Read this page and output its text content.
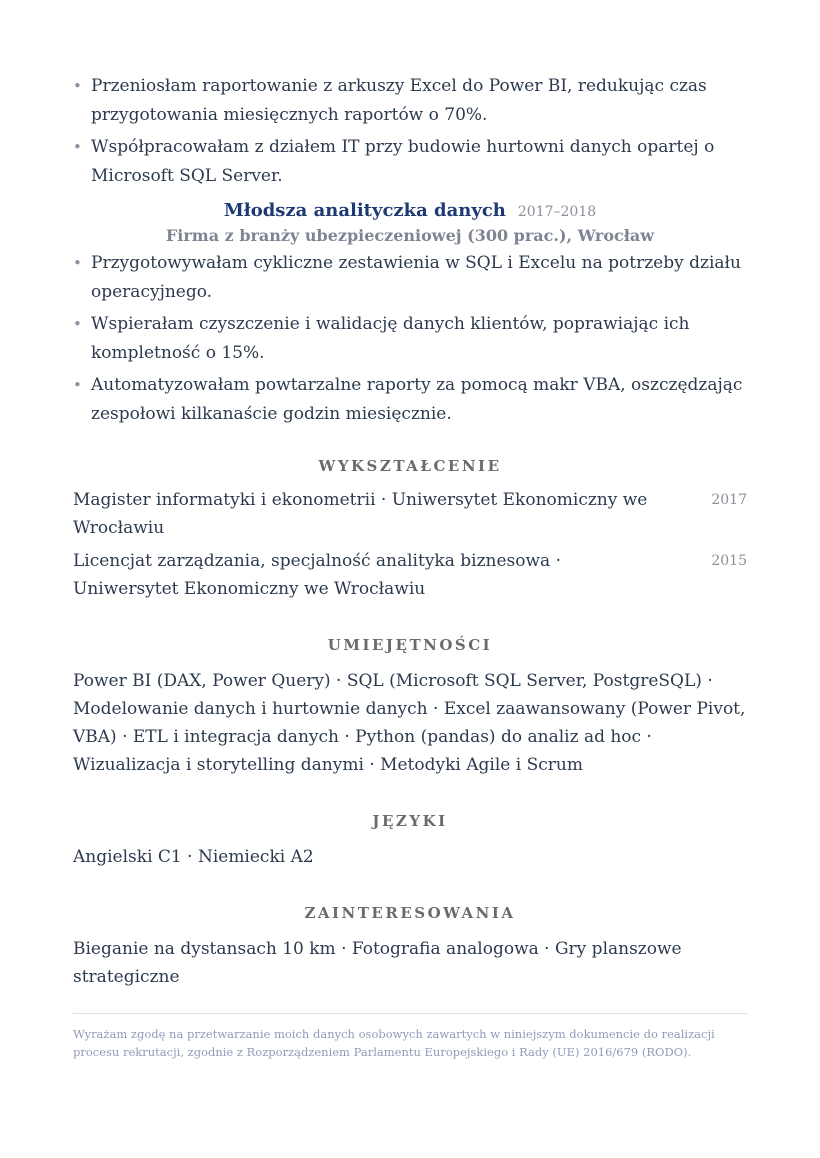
• Przeniosłam raportowanie z arkuszy Excel do Power BI, redukując czas przygotowania miesięcznych raportów o 70%.
• Współpracowałam z działem IT przy budowie hurtowni danych opartej o Microsoft SQL Server.
Młodsza analityczka danych 2017–2018
Firma z branży ubezpieczeniowej (300 prac.), Wrocław
• Przygotowywałam cykliczne zestawienia w SQL i Excelu na potrzeby działu operacyjnego.
• Wspierałam czyszczenie i walidację danych klientów, poprawiając ich kompletność o 15%.
• Automatyzowałam powtarzalne raporty za pomocą makr VBA, oszczędzając zespołowi kilkanaście godzin miesięcznie.
WYKSZTAŁCENIE
Magister informatyki i ekonometrii · Uniwersytet Ekonomiczny we Wrocławiu
2017
Licencjat zarządzania, specjalność analityka biznesowa · Uniwersytet Ekonomiczny we Wrocławiu
2015
UMIEJĘTNOŚCI
Power BI (DAX, Power Query) · SQL (Microsoft SQL Server, PostgreSQL) · Modelowanie danych i hurtownie danych · Excel zaawansowany (Power Pivot, VBA) · ETL i integracja danych · Python (pandas) do analiz ad hoc · Wizualizacja i storytelling danymi · Metodyki Agile i Scrum
JĘZYKI
Angielski C1 · Niemiecki A2
ZAINTERESOWANIA
Bieganie na dystansach 10 km · Fotografia analogowa · Gry planszowe strategiczne
Wyrażam zgodę na przetwarzanie moich danych osobowych zawartych w niniejszym dokumencie do realizacji procesu rekrutacji, zgodnie z Rozporządzeniem Parlamentu Europejskiego i Rady (UE) 2016/679 (RODO).
